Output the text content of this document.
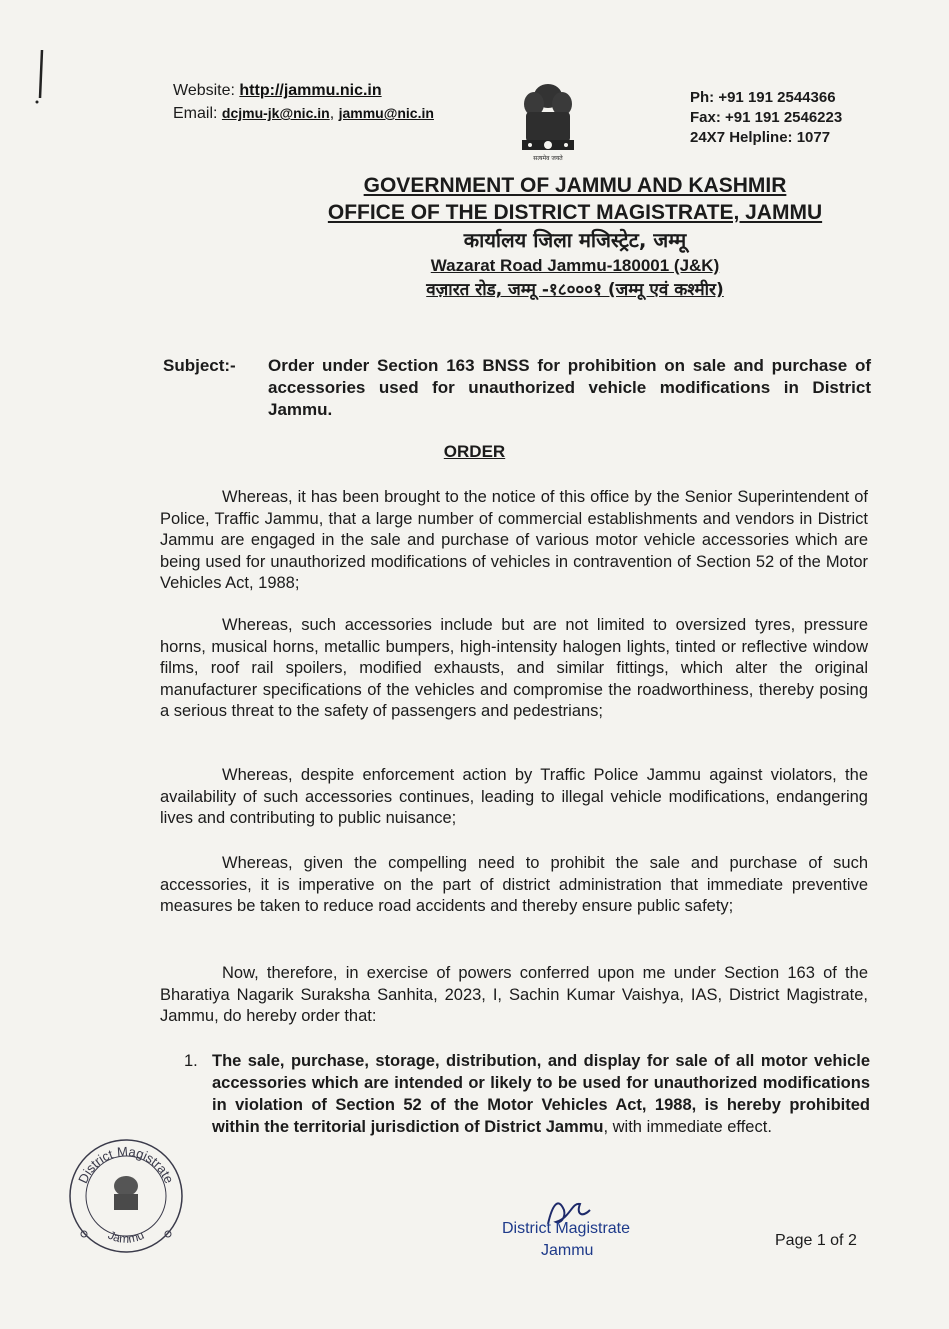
Website: http://jammu.nic.in
Email: dcjmu-jk@nic.in, jammu@nic.in
सत्यमेव जयते
Ph: +91 191 2544366
Fax: +91 191 2546223
24X7 Helpline: 1077
GOVERNMENT OF JAMMU AND KASHMIR
OFFICE OF THE DISTRICT MAGISTRATE, JAMMU
कार्यालय जिला मजिस्ट्रेट, जम्मू
Wazarat Road Jammu-180001 (J&K)
वज़ारत रोड, जम्मू -१८०००१ (जम्मू एवं कश्मीर)
Subject:-	Order under Section 163 BNSS for prohibition on sale and purchase of accessories used for unauthorized vehicle modifications in District Jammu.
ORDER
Whereas, it has been brought to the notice of this office by the Senior Superintendent of Police, Traffic Jammu, that a large number of commercial establishments and vendors in District Jammu are engaged in the sale and purchase of various motor vehicle accessories which are being used for unauthorized modifications of vehicles in contravention of Section 52 of the Motor Vehicles Act, 1988;
Whereas, such accessories include but are not limited to oversized tyres, pressure horns, musical horns, metallic bumpers, high-intensity halogen lights, tinted or reflective window films, roof rail spoilers, modified exhausts, and similar fittings, which alter the original manufacturer specifications of the vehicles and compromise the roadworthiness, thereby posing a serious threat to the safety of passengers and pedestrians;
Whereas, despite enforcement action by Traffic Police Jammu against violators, the availability of such accessories continues, leading to illegal vehicle modifications, endangering lives and contributing to public nuisance;
Whereas, given the compelling need to prohibit the sale and purchase of such accessories, it is imperative on the part of district administration that immediate preventive measures be taken to reduce road accidents and thereby ensure public safety;
Now, therefore, in exercise of powers conferred upon me under Section 163 of the Bharatiya Nagarik Suraksha Sanhita, 2023, I, Sachin Kumar Vaishya, IAS, District Magistrate, Jammu, do hereby order that:
1. The sale, purchase, storage, distribution, and display for sale of all motor vehicle accessories which are intended or likely to be used for unauthorized modifications in violation of Section 52 of the Motor Vehicles Act, 1988, is hereby prohibited within the territorial jurisdiction of District Jammu, with immediate effect.
District Magistrate
Jammu	District Magistrate
Jammu
Page 1 of 2
